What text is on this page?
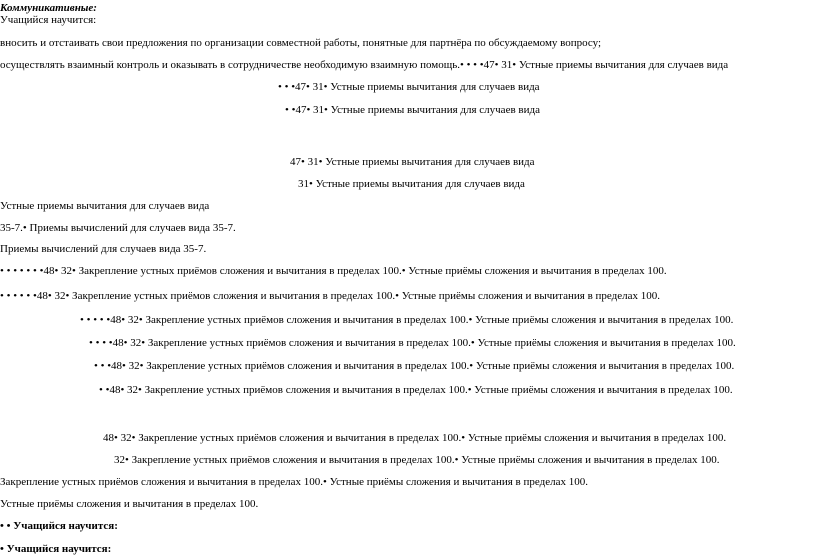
Коммуникативные:
Учащийся научится:
вносить и отстаивать свои предложения по организации совместной работы, понятные для партнёра по обсуждаемому вопросу;
осуществлять взаимный контроль и оказывать в сотрудничестве необходимую взаимную помощь.• • • •47• 31• Устные приемы вычитания для случаев вида
• • •47• 31• Устные приемы вычитания для случаев вида
• •47• 31• Устные приемы вычитания для случаев вида
47• 31• Устные приемы вычитания для случаев вида
31• Устные приемы вычитания для случаев вида
Устные приемы вычитания для случаев вида
35-7.• Приемы вычислений для случаев вида 35-7.
Приемы вычислений для случаев вида 35-7.
• • • • • • •48• 32• Закрепление устных приёмов сложения и вычитания в пределах 100.• Устные приёмы сложения и вычитания в пределах 100.
• • • • • •48• 32• Закрепление устных приёмов сложения и вычитания в пределах 100.• Устные приёмы сложения и вычитания в пределах 100.
• • • • •48• 32• Закрепление устных приёмов сложения и вычитания в пределах 100.• Устные приёмы сложения и вычитания в пределах 100.
• • • •48• 32• Закрепление устных приёмов сложения и вычитания в пределах 100.• Устные приёмы сложения и вычитания в пределах 100.
• • •48• 32• Закрепление устных приёмов сложения и вычитания в пределах 100.• Устные приёмы сложения и вычитания в пределах 100.
• •48• 32• Закрепление устных приёмов сложения и вычитания в пределах 100.• Устные приёмы сложения и вычитания в пределах 100.
48• 32• Закрепление устных приёмов сложения и вычитания в пределах 100.• Устные приёмы сложения и вычитания в пределах 100.
32• Закрепление устных приёмов сложения и вычитания в пределах 100.• Устные приёмы сложения и вычитания в пределах 100.
Закрепление устных приёмов сложения и вычитания в пределах 100.• Устные приёмы сложения и вычитания в пределах 100.
Устные приёмы сложения и вычитания в пределах 100.
• • Учащийся научится:
• Учащийся научится:
